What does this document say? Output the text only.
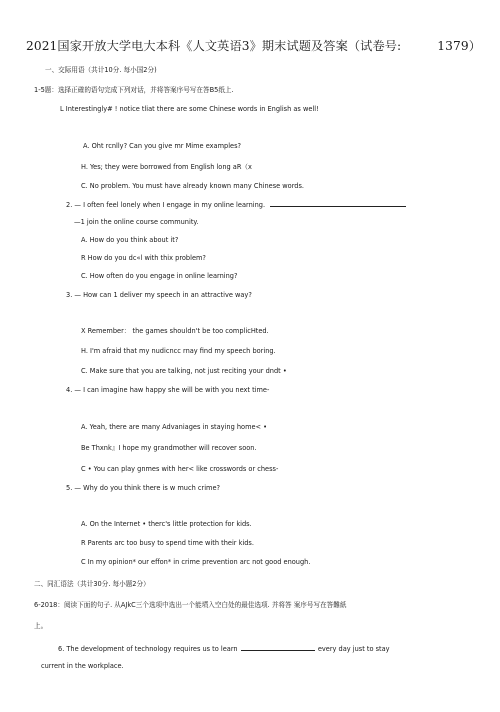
2021国家开放大学电大本科《人文英语3》期末试题及答案（试卷号:	1379）
一、交际用语（共计10分. 每小国2分)
1-5题：选择正確的语句完成下列对话，并将答案序号写在答B5纸上.
L Interestingly# ! notice tliat there are some Chinese words in English as well!
A. Oht rcnlly? Can you give mr Mime examples?
H. Yes; they were borrowed from English long aR（x
C. No problem. You must have already known many Chinese words.
2. — I often feel lonely when I engage in my online learning.
—1 join the online course community.
A. How do you think about it?
R How do you dc«l with thix problem?
C. How often do you engage in online learning?
3. — How can 1 deliver my speech in an attractive way?
X Remember： the games shouldn't be too complicHted.
H. I'm afraid that my nudicncc rnay find my speech boring.
C. Make sure that you are talking, not just reciting your dndt •
4. — I can imagine haw happy she will be with you next time-
A. Yeah, there are many Advaniages in staying home< •
Be Thxnk』I hope my grandmother will recover soon.
C • You can play gnmes with her< like crosswords or chess-
5. — Why do you think there is w much crime?
A. On the Internet • therc's little protection for kids.
R Parents arc too busy to spend time with their kids.
C In my opinion* our effon* in crime prevention arc not good enough.
二、同汇语法（共计30分. 每小题2分）
6-2018：阅读下面的句子. 从AJkC三个选项中选出一个能墳入空白处的最佳选项. 并将答 案序号写在答難紙
上。
6. The development of technology requires us to learn	every day just to stay
current in the workplace.
